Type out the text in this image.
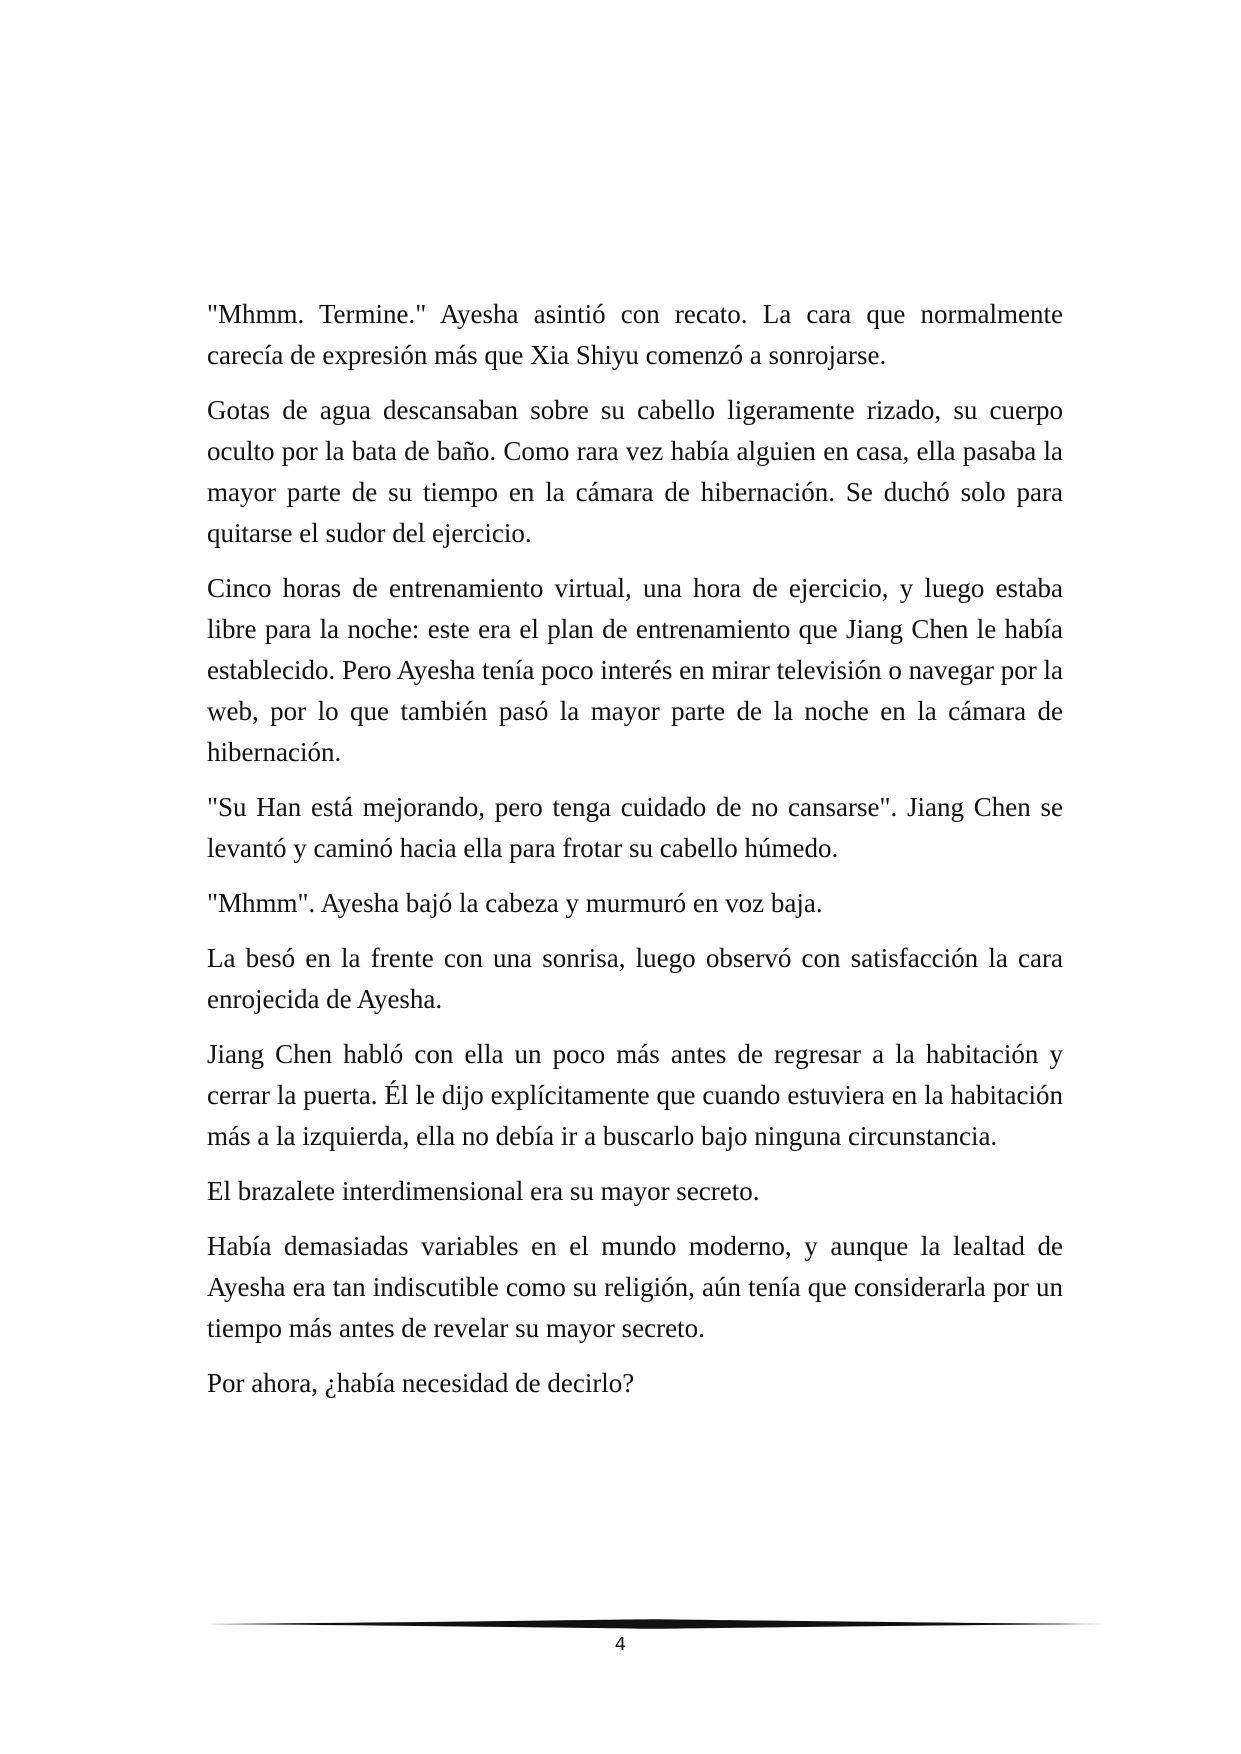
"Mhmm. Termine." Ayesha asintió con recato. La cara que normalmente carecía de expresión más que Xia Shiyu comenzó a sonrojarse.

Gotas de agua descansaban sobre su cabello ligeramente rizado, su cuerpo oculto por la bata de baño. Como rara vez había alguien en casa, ella pasaba la mayor parte de su tiempo en la cámara de hibernación. Se duchó solo para quitarse el sudor del ejercicio.

Cinco horas de entrenamiento virtual, una hora de ejercicio, y luego estaba libre para la noche: este era el plan de entrenamiento que Jiang Chen le había establecido. Pero Ayesha tenía poco interés en mirar televisión o navegar por la web, por lo que también pasó la mayor parte de la noche en la cámara de hibernación.

"Su Han está mejorando, pero tenga cuidado de no cansarse". Jiang Chen se levantó y caminó hacia ella para frotar su cabello húmedo.

"Mhmm". Ayesha bajó la cabeza y murmuró en voz baja.

La besó en la frente con una sonrisa, luego observó con satisfacción la cara enrojecida de Ayesha.

Jiang Chen habló con ella un poco más antes de regresar a la habitación y cerrar la puerta. Él le dijo explícitamente que cuando estuviera en la habitación más a la izquierda, ella no debía ir a buscarlo bajo ninguna circunstancia.

El brazalete interdimensional era su mayor secreto.

Había demasiadas variables en el mundo moderno, y aunque la lealtad de Ayesha era tan indiscutible como su religión, aún tenía que considerarla por un tiempo más antes de revelar su mayor secreto.

Por ahora, ¿había necesidad de decirlo?

4
